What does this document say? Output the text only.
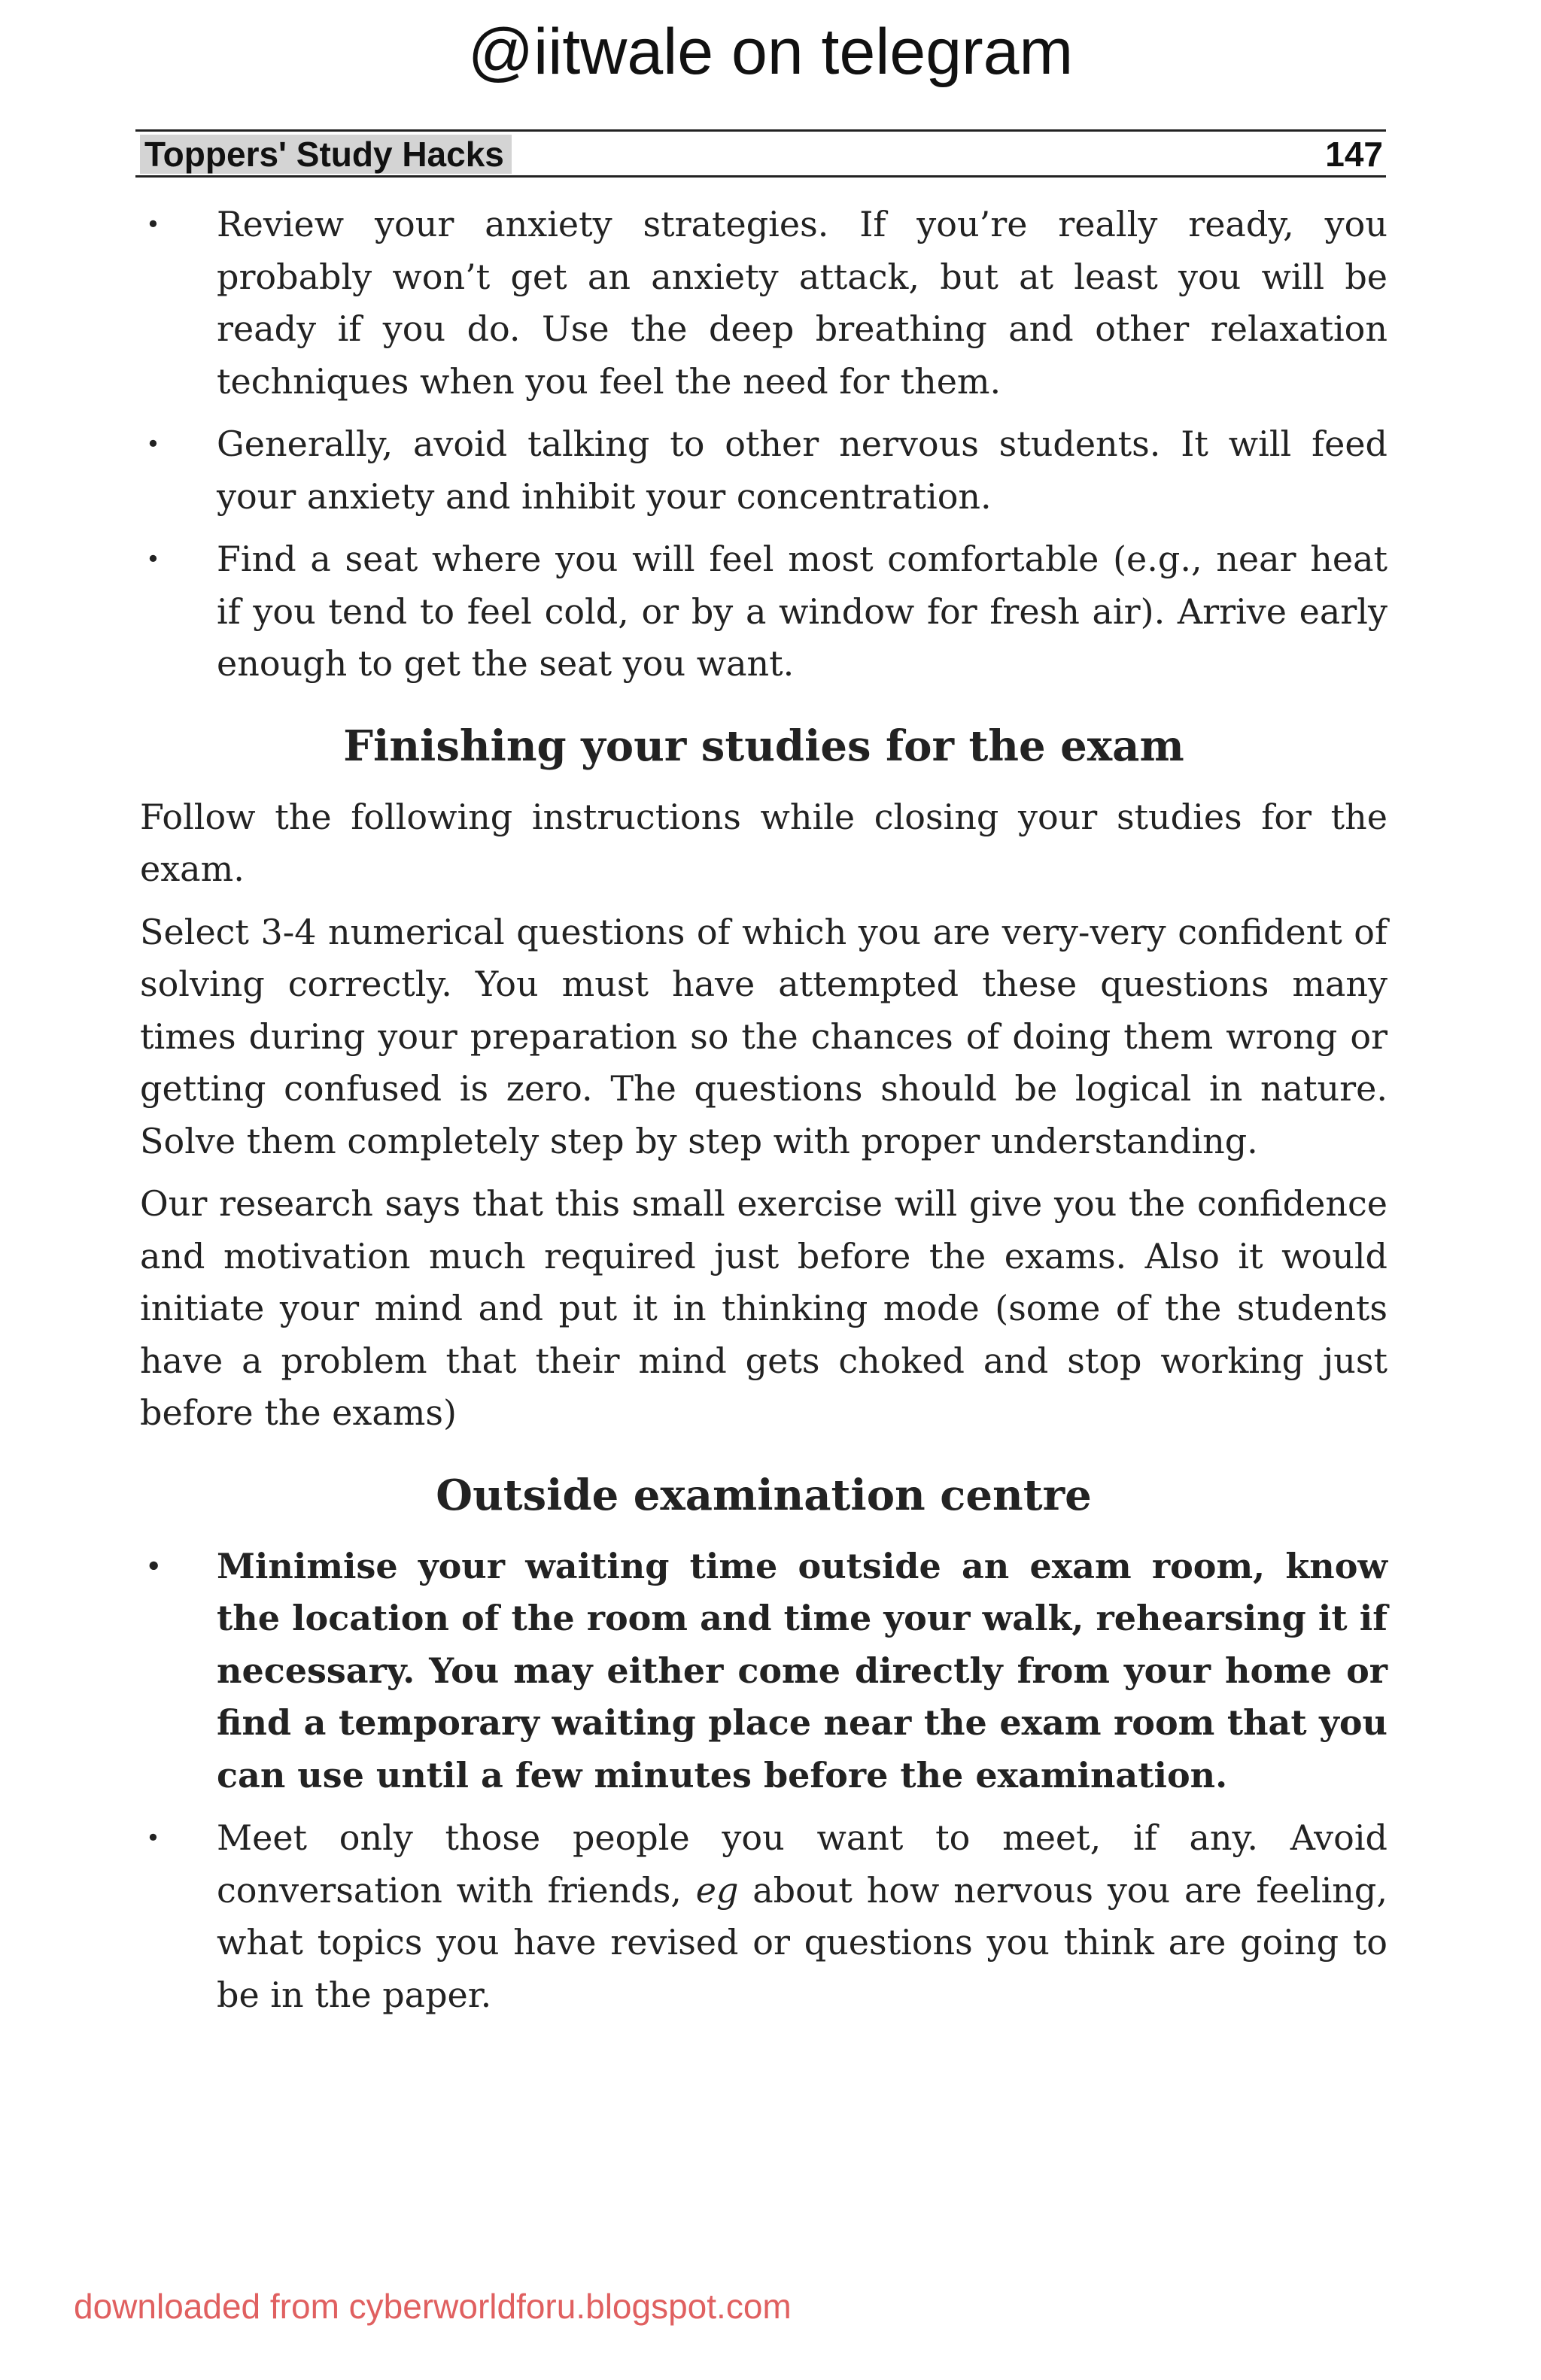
@iitwale on telegram
Toppers' Study Hacks	147
• Review your anxiety strategies. If you’re really ready, you probably won’t get an anxiety attack, but at least you will be ready if you do. Use the deep breathing and other relaxation techniques when you feel the need for them.
• Generally, avoid talking to other nervous students. It will feed your anxiety and inhibit your concentration.
• Find a seat where you will feel most comfortable (e.g., near heat if you tend to feel cold, or by a window for fresh air). Arrive early enough to get the seat you want.
Finishing your studies for the exam

Follow the following instructions while closing your studies for the exam.

Select 3-4 numerical questions of which you are very-very confident of solving correctly. You must have attempted these questions many times during your preparation so the chances of doing them wrong or getting confused is zero. The questions should be logical in nature. Solve them completely step by step with proper understanding.

Our research says that this small exercise will give you the confidence and motivation much required just before the exams. Also it would initiate your mind and put it in thinking mode (some of the students have a problem that their mind gets choked and stop working just before the exams)

Outside examination centre
• Minimise your waiting time outside an exam room, know the location of the room and time your walk, rehearsing it if necessary. You may either come directly from your home or find a temporary waiting place near the exam room that you can use until a few minutes before the examination.
• Meet only those people you want to meet, if any. Avoid conversation with friends, eg about how nervous you are feeling, what topics you have revised or questions you think are going to be in the paper.
downloaded from cyberworldforu.blogspot.com
